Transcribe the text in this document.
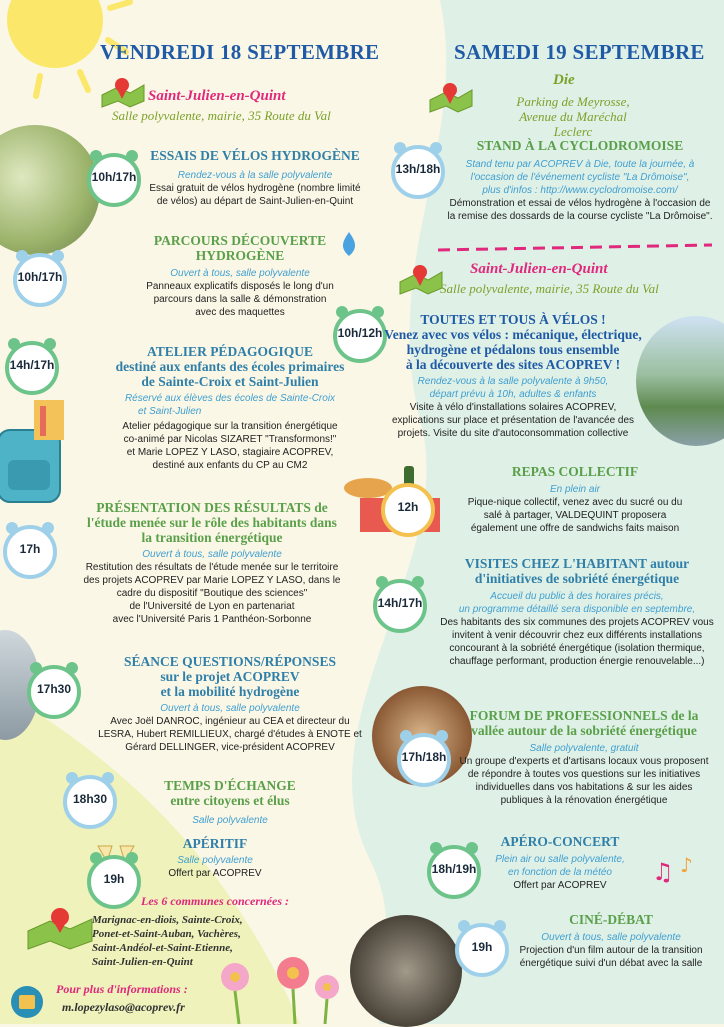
VENDREDI 18 SEPTEMBRE
Saint-Julien-en-Quint
Salle polyvalente, mairie, 35 Route du Val
SAMEDI 19 SEPTEMBRE
Die
Parking de Meyrosse,
Avenue du Maréchal Leclerc
Saint-Julien-en-Quint
Salle polyvalente, mairie, 35 Route du Val
♫ ♪
10h/17h
10h/17h
14h/17h
17h
17h30
18h30
19h
ESSAIS DE VÉLOS HYDROGÈNE
Rendez-vous à la salle polyvalente
Essai gratuit de vélos hydrogène (nombre limité
de vélos) au départ de Saint-Julien-en-Quint
PARCOURS DÉCOUVERTE
HYDROGÈNE
Ouvert à tous, salle polyvalente
Panneaux explicatifs disposés le long d'un
parcours dans la salle & démonstration
avec des maquettes
ATELIER PÉDAGOGIQUE
destiné aux enfants des écoles primaires
de Sainte-Croix et Saint-Julien
Réservé aux élèves des écoles de Sainte-Croix
et Saint-Julien
Atelier pédagogique sur la transition énergétique
co-animé par Nicolas SIZARET "Transformons!"
et Marie LOPEZ Y LASO, stagiaire ACOPREV,
destiné aux enfants du CP au CM2
PRÉSENTATION DES RÉSULTATS de
l'étude menée sur le rôle des habitants dans
la transition énergétique
Ouvert à tous, salle polyvalente
Restitution des résultats de l'étude menée sur le territoire
des projets ACOPREV par Marie LOPEZ Y LASO, dans le
cadre du dispositif "Boutique des sciences"
de l'Université de Lyon en partenariat
avec l'Université Paris 1 Panthéon-Sorbonne
SÉANCE QUESTIONS/RÉPONSES
sur le projet ACOPREV
et la mobilité hydrogène
Ouvert à tous, salle polyvalente
Avec Joël DANROC, ingénieur au CEA et directeur du
LESRA, Hubert REMILLIEUX, chargé d'études à ENOTE et
Gérard DELLINGER, vice-président ACOPREV
TEMPS D'ÉCHANGE
entre citoyens et élus
Salle polyvalente
APÉRITIF
Salle polyvalente
Offert par ACOPREV
Les 6 communes concernées :
Marignac-en-diois, Sainte-Croix,
Ponet-et-Saint-Auban, Vachères,
Saint-Andéol-et-Saint-Etienne,
Saint-Julien-en-Quint
Pour plus d'informations :
m.lopezylaso@acoprev.fr
13h/18h
10h/12h
12h
14h/17h
17h/18h
18h/19h
19h
STAND À LA CYCLODROMOISE
Stand tenu par ACOPREV à Die, toute la journée, à
l'occasion de l'événement cycliste "La Drômoise",
plus d'infos : http://www.cyclodromoise.com/
Démonstration et essai de vélos hydrogène à l'occasion de
la remise des dossards de la course cycliste "La Drômoise".
TOUTES ET TOUS À VÉLOS !
Venez avec vos vélos : mécanique, électrique,
hydrogène et pédalons tous ensemble
à la découverte des sites ACOPREV !
Rendez-vous à la salle polyvalente à 9h50,
départ prévu à 10h, adultes & enfants
Visite à vélo d'installations solaires ACOPREV,
explications sur place et présentation de l'avancée des
projets. Visite du site d'autoconsommation collective
REPAS COLLECTIF
En plein air
Pique-nique collectif, venez avec du sucré ou du
salé à partager, VALDEQUINT proposera
également une offre de sandwichs faits maison
VISITES CHEZ L'HABITANT autour
d'initiatives de sobriété énergétique
Accueil du public à des horaires précis,
un programme détaillé sera disponible en septembre,
Des habitants des six communes des projets ACOPREV vous
invitent à venir découvrir chez eux différents installations
concourant à la sobriété énergétique (isolation thermique,
chauffage performant, production énergie renouvelable...)
FORUM DE PROFESSIONNELS de la
vallée autour de la sobriété énergétique
Salle polyvalente, gratuit
Un groupe d'experts et d'artisans locaux vous proposent
de répondre à toutes vos questions sur les initiatives
individuelles dans vos habitations & sur les aides
publiques à la rénovation énergétique
APÉRO-CONCERT
Plein air ou salle polyvalente,
en fonction de la météo
Offert par ACOPREV
CINÉ-DÉBAT
Ouvert à tous, salle polyvalente
Projection d'un film autour de la transition
énergétique suivi d'un débat avec la salle
